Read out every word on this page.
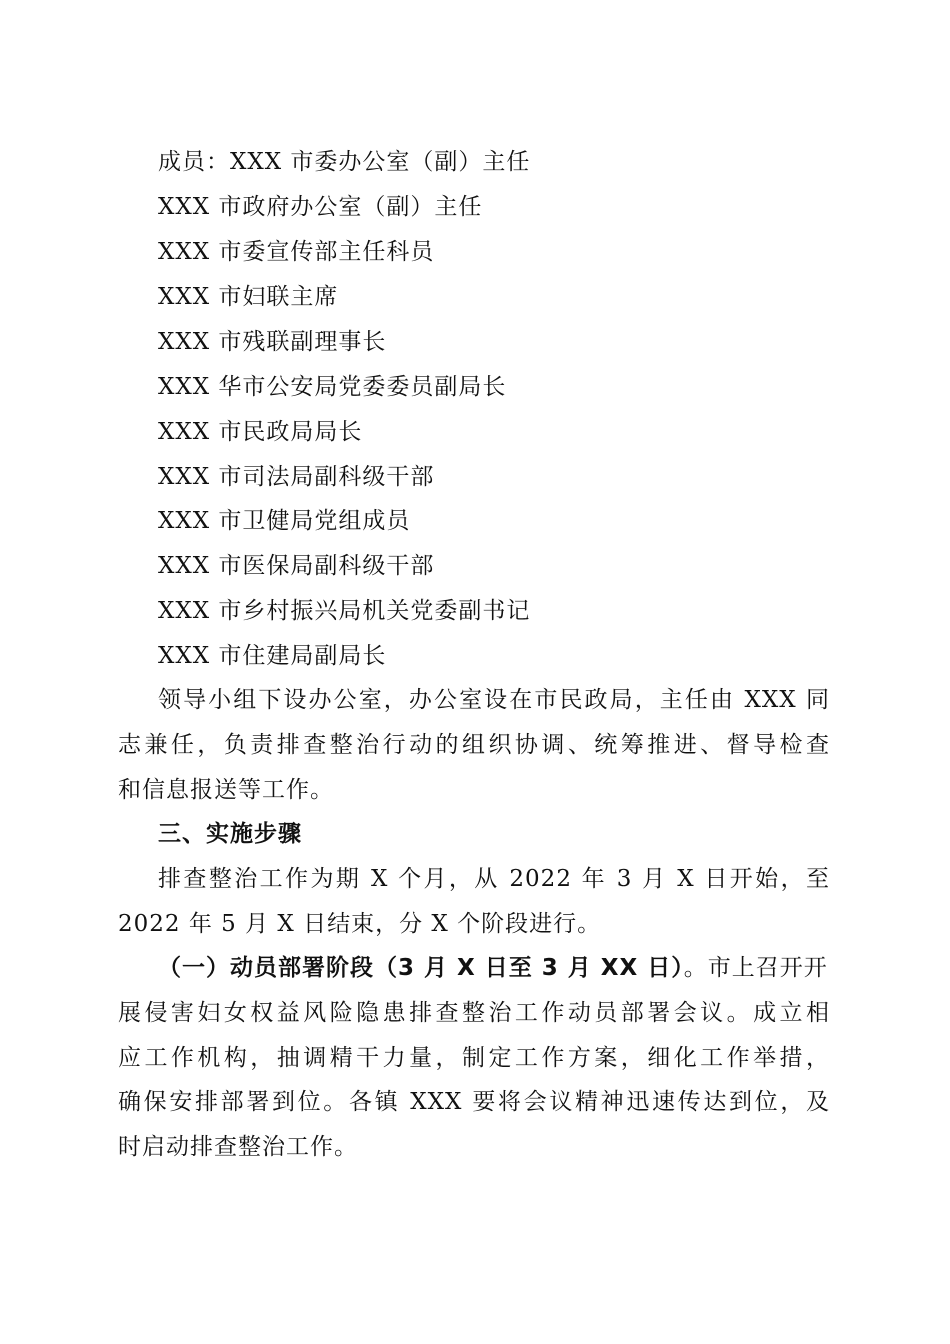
成员：XXX 市委办公室（副）主任
XXX 市政府办公室（副）主任
XXX 市委宣传部主任科员
XXX 市妇联主席
XXX 市残联副理事长
XXX 华市公安局党委委员副局长
XXX 市民政局局长
XXX 市司法局副科级干部
XXX 市卫健局党组成员
XXX 市医保局副科级干部
XXX 市乡村振兴局机关党委副书记
XXX 市住建局副局长
领导小组下设办公室，办公室设在市民政局，主任由 XXX 同
志兼任，负责排查整治行动的组织协调、统筹推进、督导检查
和信息报送等工作。
三、实施步骤
排查整治工作为期 X 个月，从 2022 年 3 月 X 日开始，至
2022 年 5 月 X 日结束，分 X 个阶段进行。
（一）动员部署阶段（3 月 X 日至 3 月 XX 日）。市上召开开
展侵害妇女权益风险隐患排查整治工作动员部署会议。成立相
应工作机构，抽调精干力量，制定工作方案，细化工作举措，
确保安排部署到位。各镇 XXX 要将会议精神迅速传达到位，及
时启动排查整治工作。
